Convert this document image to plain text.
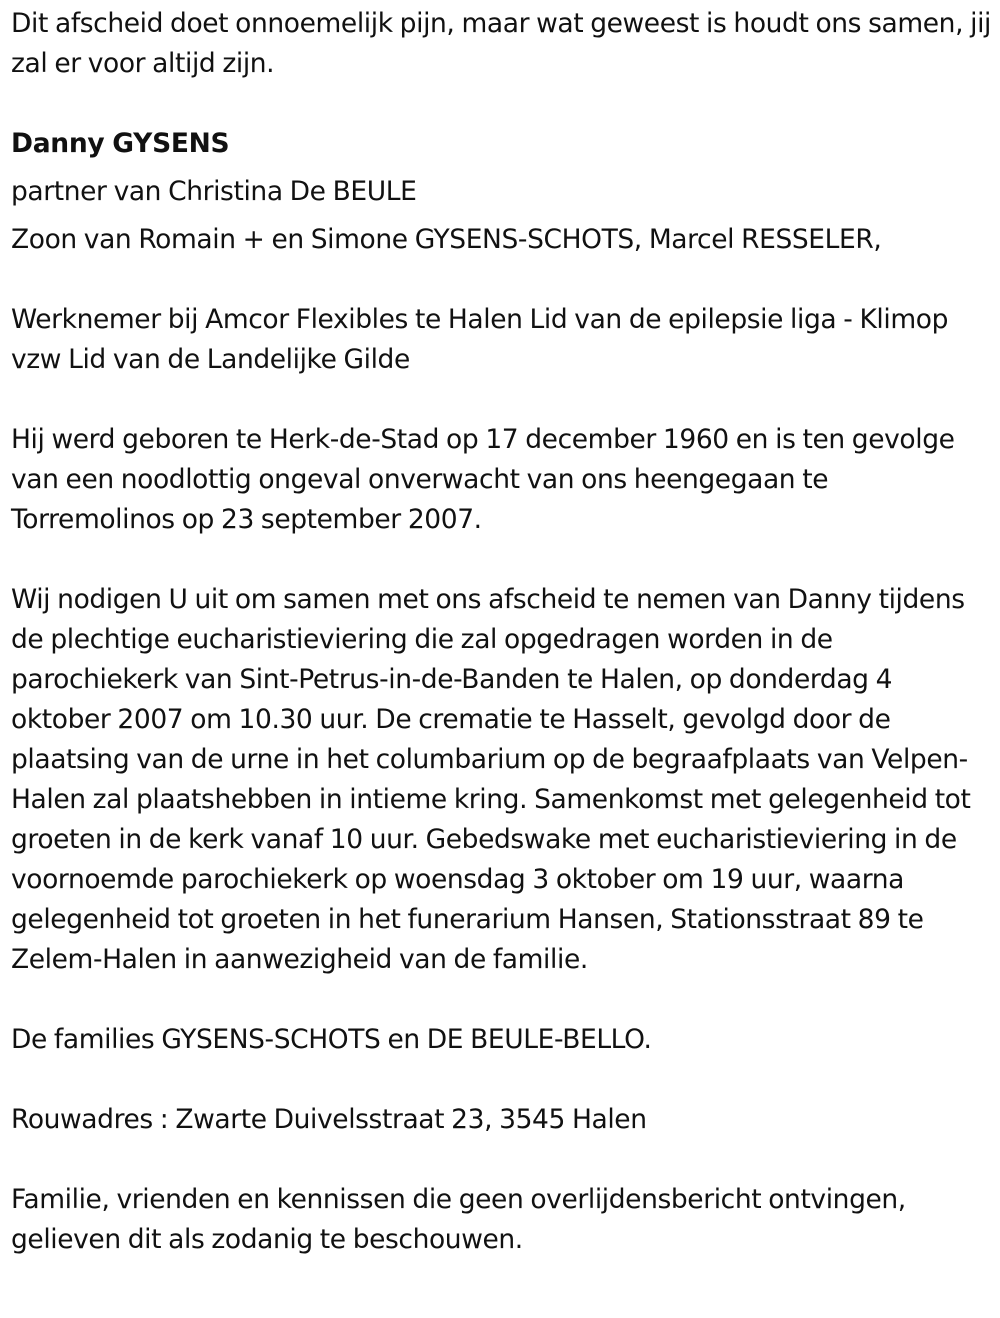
Dit afscheid doet onnoemelijk pijn, maar wat geweest is houdt ons samen, jij zal er voor altijd zijn.

Danny GYSENS

partner van Christina De BEULE

Zoon van Romain + en Simone GYSENS-SCHOTS, Marcel RESSELER,

Werknemer bij Amcor Flexibles te Halen Lid van de epilepsie liga - Klimop vzw Lid van de Landelijke Gilde

Hij werd geboren te Herk-de-Stad op 17 december 1960 en is ten gevolge van een noodlottig ongeval onverwacht van ons heengegaan te Torremolinos op 23 september 2007.

Wij nodigen U uit om samen met ons afscheid te nemen van Danny tijdens de plechtige eucharistieviering die zal opgedragen worden in de parochiekerk van Sint-Petrus-in-de-Banden te Halen, op donderdag 4 oktober 2007 om 10.30 uur. De crematie te Hasselt, gevolgd door de plaatsing van de urne in het columbarium op de begraafplaats van Velpen-Halen zal plaatshebben in intieme kring. Samenkomst met gelegenheid tot groeten in de kerk vanaf 10 uur. Gebedswake met eucharistieviering in de voornoemde parochiekerk op woensdag 3 oktober om 19 uur, waarna gelegenheid tot groeten in het funerarium Hansen, Stationsstraat 89 te Zelem-Halen in aanwezigheid van de familie.

De families GYSENS-SCHOTS en DE BEULE-BELLO.

Rouwadres : Zwarte Duivelsstraat 23, 3545 Halen

Familie, vrienden en kennissen die geen overlijdensbericht ontvingen, gelieven dit als zodanig te beschouwen.
